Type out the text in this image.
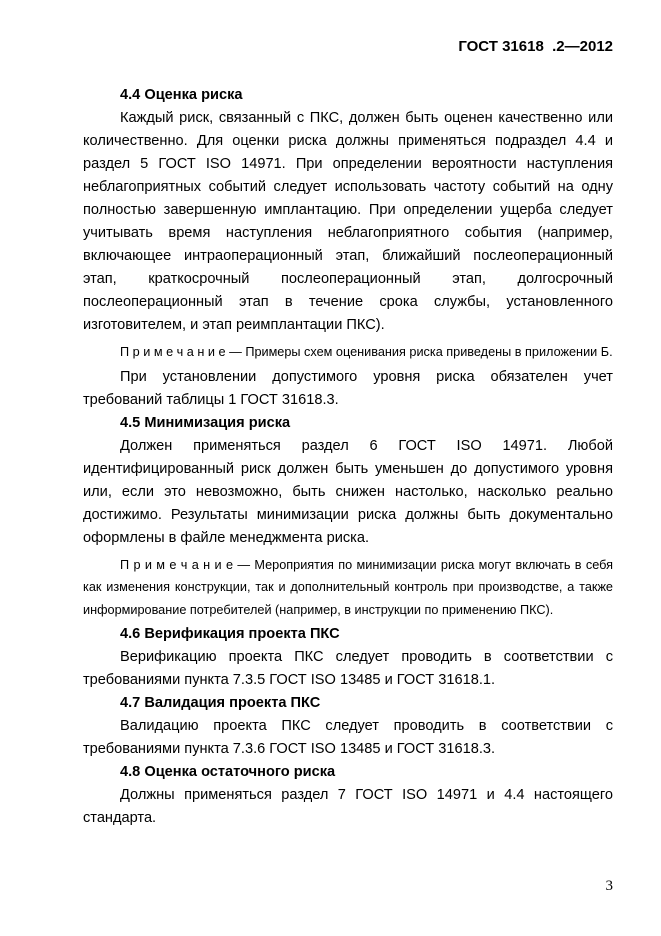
ГОСТ 31618  .2—2012

4.4 Оценка риска

Каждый риск, связанный с ПКС, должен быть оценен качественно или количественно. Для оценки риска должны применяться подраздел 4.4 и раздел 5 ГОСТ ISO 14971. При определении вероятности наступления неблагоприятных событий следует использовать частоту событий на одну полностью завершенную имплантацию. При определении ущерба следует учитывать время наступления неблагоприятного события (например, включающее интраоперационный этап, ближайший послеоперационный этап, краткосрочный послеоперационный этап, долгосрочный послеоперационный этап в течение срока службы, установленного изготовителем, и этап реимплантации ПКС).

П р и м е ч а н и е — Примеры схем оценивания риска приведены в приложении Б.

При установлении допустимого уровня риска обязателен учет требований таблицы 1 ГОСТ 31618.3.

4.5 Минимизация риска

Должен применяться раздел 6 ГОСТ ISO 14971. Любой идентифицированный риск должен быть уменьшен до допустимого уровня или, если это невозможно, быть снижен настолько, насколько реально достижимо. Результаты минимизации риска должны быть документально оформлены в файле менеджмента риска.

П р и м е ч а н и е — Мероприятия по минимизации риска могут включать в себя как изменения конструкции, так и дополнительный контроль при производстве, а также информирование потребителей (например, в инструкции по применению ПКС).

4.6 Верификация проекта ПКС

Верификацию проекта ПКС следует проводить в соответствии с требованиями пункта 7.3.5 ГОСТ ISO 13485 и ГОСТ 31618.1.

4.7 Валидация проекта ПКС

Валидацию проекта ПКС следует проводить в соответствии с требованиями пункта 7.3.6 ГОСТ ISO 13485 и ГОСТ 31618.3.

4.8 Оценка остаточного риска

Должны применяться раздел 7 ГОСТ ISO 14971 и 4.4 настоящего стандарта.

3
